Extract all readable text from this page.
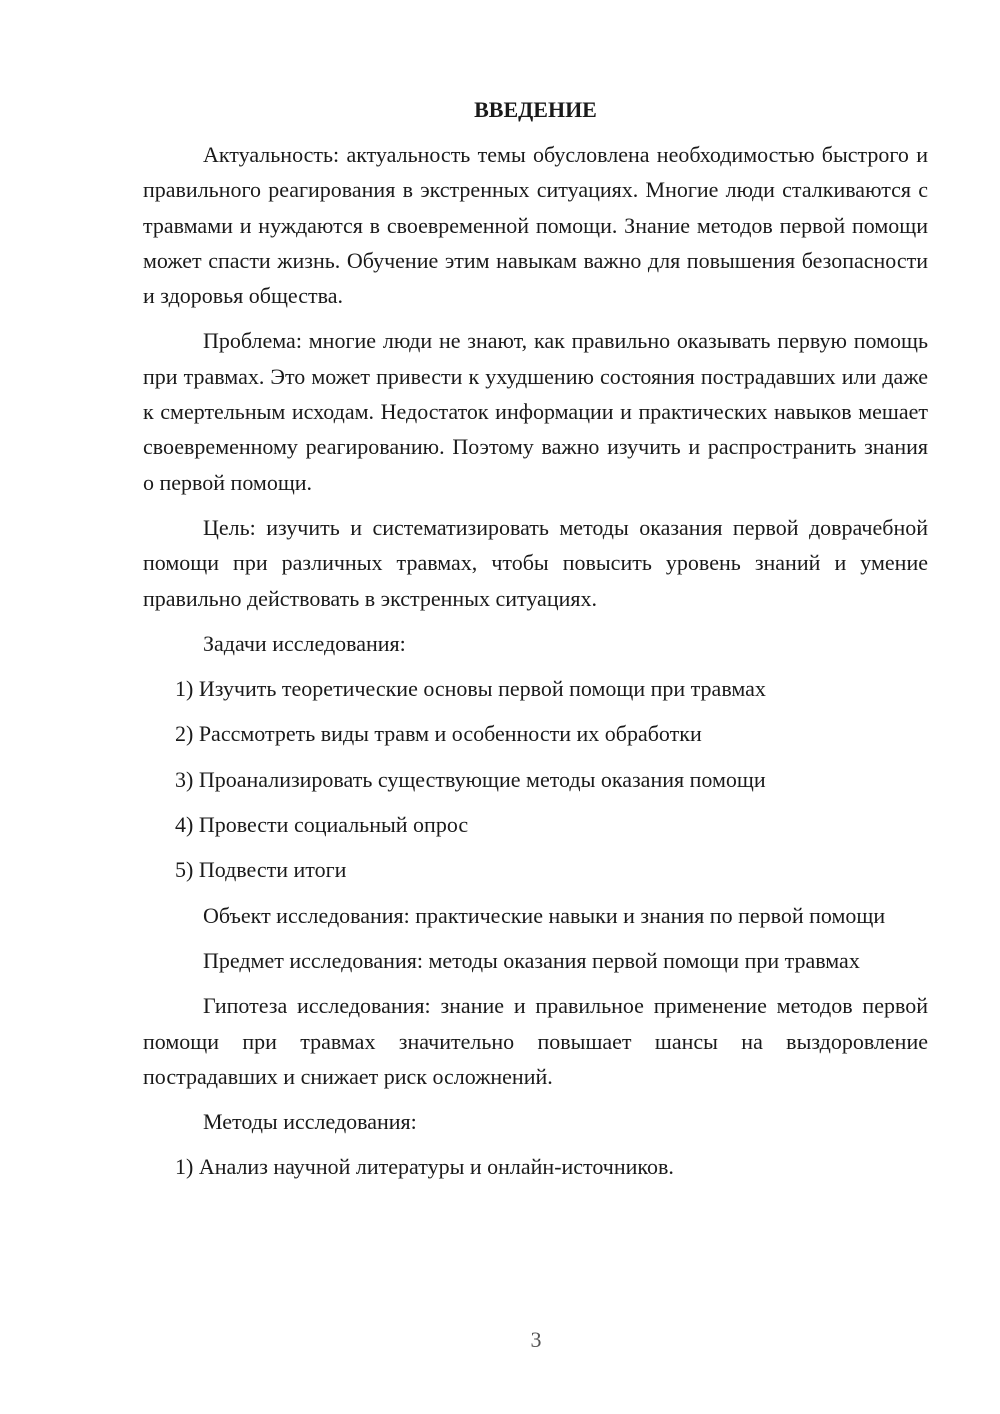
ВВЕДЕНИЕ

Актуальность: актуальность темы обусловлена необходимостью быстрого и правильного реагирования в экстренных ситуациях. Многие люди сталкиваются с травмами и нуждаются в своевременной помощи. Знание методов первой помощи может спасти жизнь. Обучение этим навыкам важно для повышения безопасности и здоровья общества.

Проблема: многие люди не знают, как правильно оказывать первую помощь при травмах. Это может привести к ухудшению состояния пострадавших или даже к смертельным исходам. Недостаток информации и практических навыков мешает своевременному реагированию. Поэтому важно изучить и распространить знания о первой помощи.

Цель: изучить и систематизировать методы оказания первой доврачебной помощи при различных травмах, чтобы повысить уровень знаний и умение правильно действовать в экстренных ситуациях.

Задачи исследования:

1) Изучить теоретические основы первой помощи при травмах
2) Рассмотреть виды травм и особенности их обработки
3) Проанализировать существующие методы оказания помощи
4) Провести социальный опрос
5) Подвести итоги

Объект исследования: практические навыки и знания по первой помощи

Предмет исследования: методы оказания первой помощи при травмах

Гипотеза исследования: знание и правильное применение методов первой помощи при травмах значительно повышает шансы на выздоровление пострадавших и снижает риск осложнений.

Методы исследования:

1) Анализ научной литературы и онлайн-источников.
3
